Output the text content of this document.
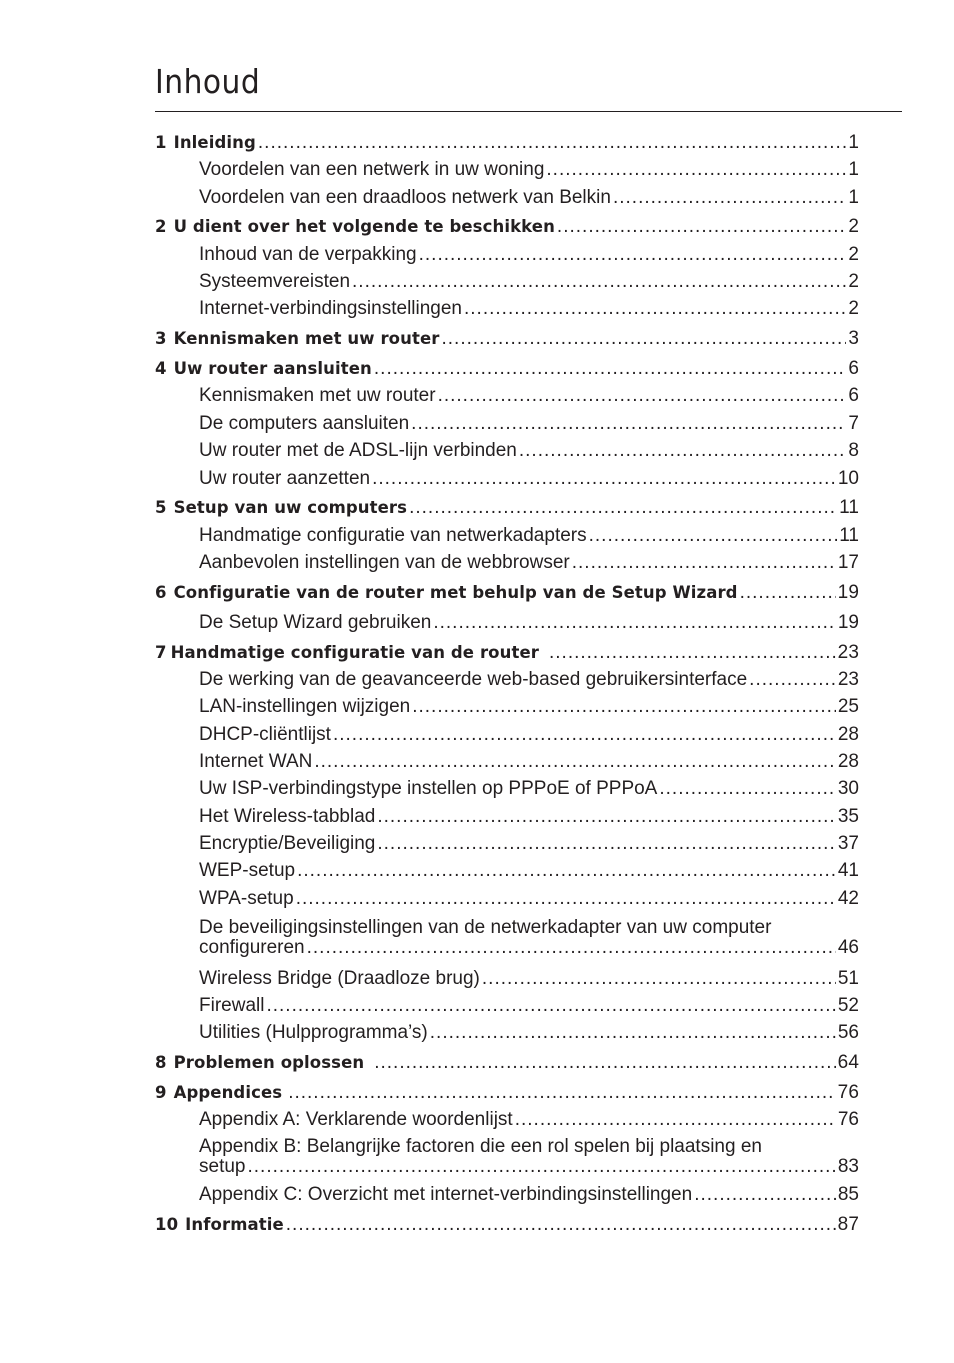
Inhoud
1 Inleiding .....	1
Voordelen van een netwerk in uw woning .....	1
Voordelen van een draadloos netwerk van Belkin .....	1
2 U dient over het volgende te beschikken .....	2
Inhoud van de verpakking .....	2
Systeemvereisten .....	2
Internet-verbindingsinstellingen .....	2
3 Kennismaken met uw router .....	3
4 Uw router aansluiten .....	6
Kennismaken met uw router .....	6
De computers aansluiten .....	7
Uw router met de ADSL-lijn verbinden .....	8
Uw router aanzetten .....	10
5 Setup van uw computers .....	11
Handmatige configuratie van netwerkadapters .....	11
Aanbevolen instellingen van de webbrowser .....	17
6 Configuratie van de router met behulp van de Setup Wizard .....	19
De Setup Wizard gebruiken .....	19
7 Handmatige configuratie van de router .....	23
De werking van de geavanceerde web-based gebruikersinterface .....	23
LAN-instellingen wijzigen .....	25
DHCP-cliëntlijst .....	28
Internet WAN .....	28
Uw ISP-verbindingstype instellen op PPPoE of PPPoA .....	30
Het Wireless-tabblad .....	35
Encryptie/Beveiliging .....	37
WEP-setup .....	41
WPA-setup .....	42
De beveiligingsinstellingen van de netwerkadapter van uw computer
configureren .....	46
Wireless Bridge (Draadloze brug) .....	51
Firewall .....	52
Utilities (Hulpprogramma’s) .....	56
8 Problemen oplossen .....	64
9 Appendices .....	76
Appendix A: Verklarende woordenlijst .....	76
Appendix B: Belangrijke factoren die een rol spelen bij plaatsing en
setup .....	83
Appendix C: Overzicht met internet-verbindingsinstellingen .....	85
10 Informatie .....	87
